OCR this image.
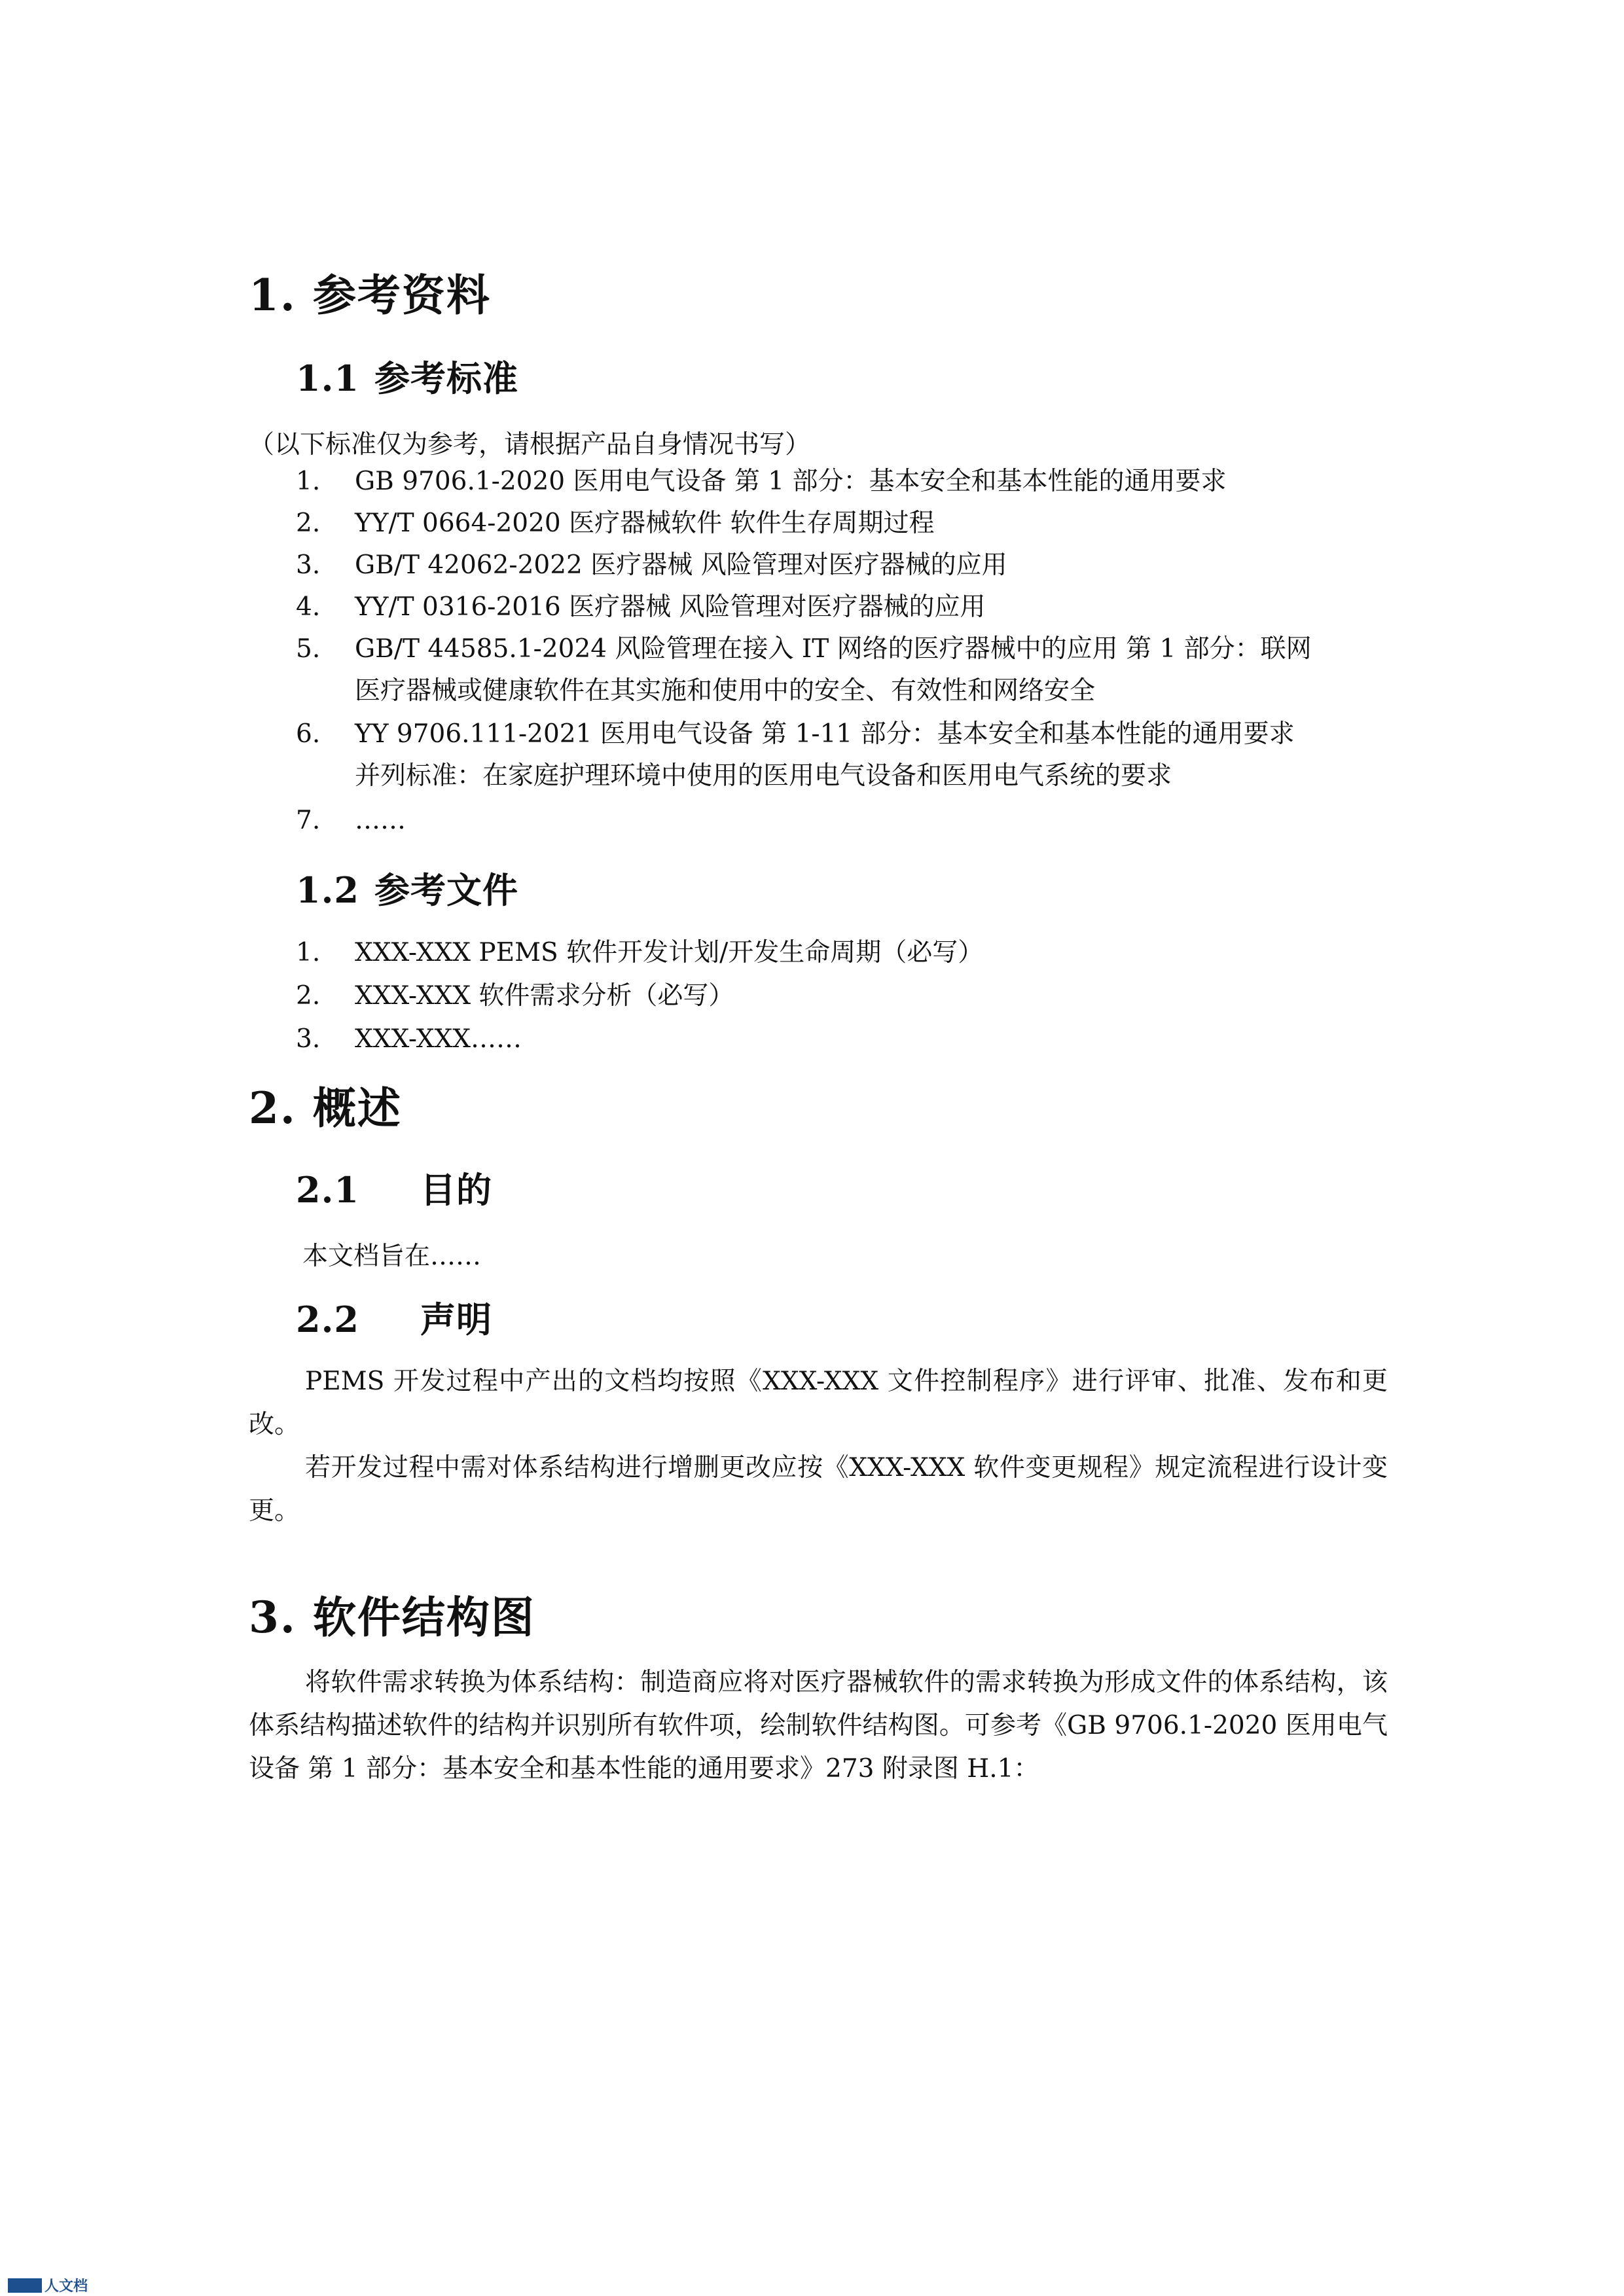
1. 参考资料
1.1 参考标准
（以下标准仅为参考，请根据产品自身情况书写）
1. GB 9706.1-2020 医用电气设备 第 1 部分：基本安全和基本性能的通用要求
2. YY/T 0664-2020 医疗器械软件 软件生存周期过程
3. GB/T 42062-2022 医疗器械 风险管理对医疗器械的应用
4. YY/T 0316-2016 医疗器械 风险管理对医疗器械的应用
5. GB/T 44585.1-2024 风险管理在接入 IT 网络的医疗器械中的应用 第 1 部分：联网
医疗器械或健康软件在其实施和使用中的安全、有效性和网络安全
6. YY 9706.111-2021 医用电气设备 第 1-11 部分：基本安全和基本性能的通用要求
并列标准：在家庭护理环境中使用的医用电气设备和医用电气系统的要求
7. ……
1.2 参考文件
1. XXX-XXX PEMS 软件开发计划/开发生命周期（必写）
2. XXX-XXX 软件需求分析（必写）
3. XXX-XXX……
2. 概述
2.1 目的
本文档旨在……
2.2 声明
PEMS 开发过程中产出的文档均按照《XXX-XXX 文件控制程序》进行评审、批准、发布和更改。
若开发过程中需对体系结构进行增删更改应按《XXX-XXX 软件变更规程》规定流程进行设计变更。
3. 软件结构图
将软件需求转换为体系结构：制造商应将对医疗器械软件的需求转换为形成文件的体系结构，该体系结构描述软件的结构并识别所有软件项，绘制软件结构图。可参考《GB 9706.1-2020 医用电气设备 第 1 部分：基本安全和基本性能的通用要求》273 附录图 H.1：
人文档
